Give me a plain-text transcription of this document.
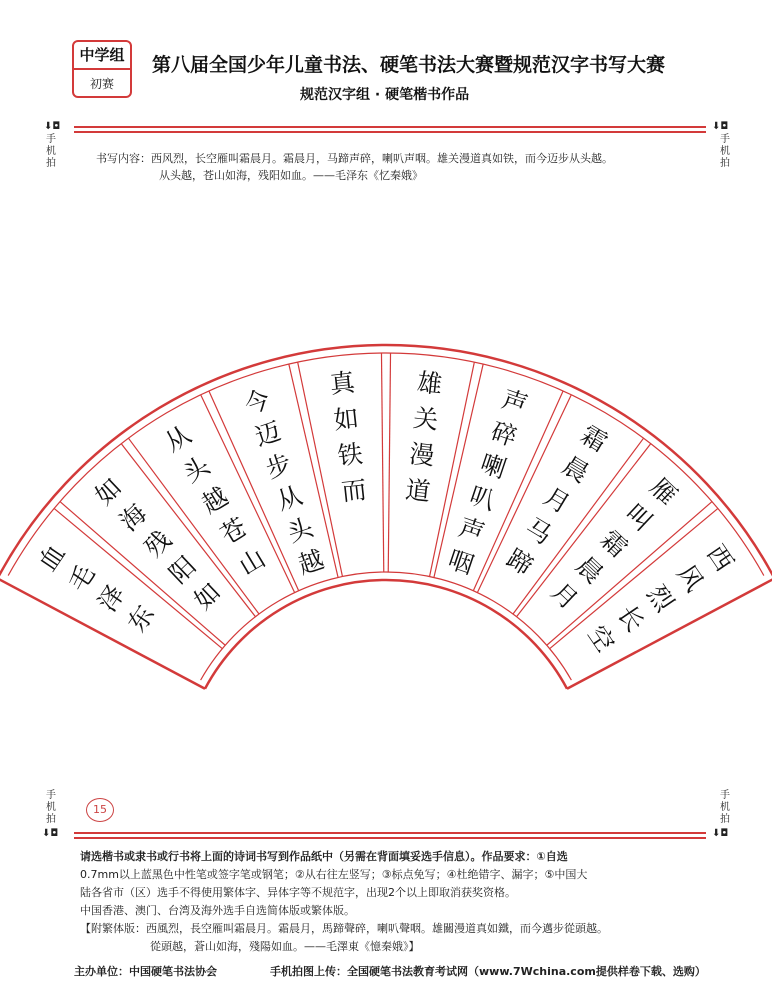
中学组
初赛
第八届全国少年儿童书法、硬笔书法大赛暨规范汉字书写大赛
规范汉字组 · 硬笔楷书作品
⬇◘
手机拍
⬇◘
手机拍
书写内容：西风烈，长空雁叫霜晨月。霜晨月，马蹄声碎，喇叭声咽。雄关漫道真如铁，而今迈步从头越。
从头越，苍山如海，残阳如血。——毛泽东《忆秦娥》
西
风
烈
长
空
雁
叫
霜
晨
月
霜
晨
月
马
蹄
声
碎
喇
叭
声
咽
雄
关
漫
道
真
如
铁
而
今
迈
步
从
头
越
从
头
越
苍
山
如
海
残
阳
如
血
毛
泽
东
手机拍
⬇◘
手机拍
⬇◘
15
请选楷书或隶书或行书将上面的诗词书写到作品纸中（另需在背面填妥选手信息）。作品要求：①自选
0.7mm以上蓝黑色中性笔或签字笔或钢笔；②从右往左竖写；③标点免写；④杜绝错字、漏字；⑤中国大
陆各省市（区）选手不得使用繁体字、异体字等不规范字，出现2个以上即取消获奖资格。
中国香港、澳门、台湾及海外选手自选简体版或繁体版。
【附繁体版：西風烈，長空雁叫霜晨月。霜晨月，馬蹄聲碎，喇叭聲咽。雄關漫道真如鐵，而今邁步從頭越。
從頭越，蒼山如海，殘陽如血。——毛澤東《憶秦娥》】
主办单位：中国硬笔书法协会	手机拍图上传：全国硬笔书法教育考试网（www.7Wchina.com提供样卷下载、选购）
